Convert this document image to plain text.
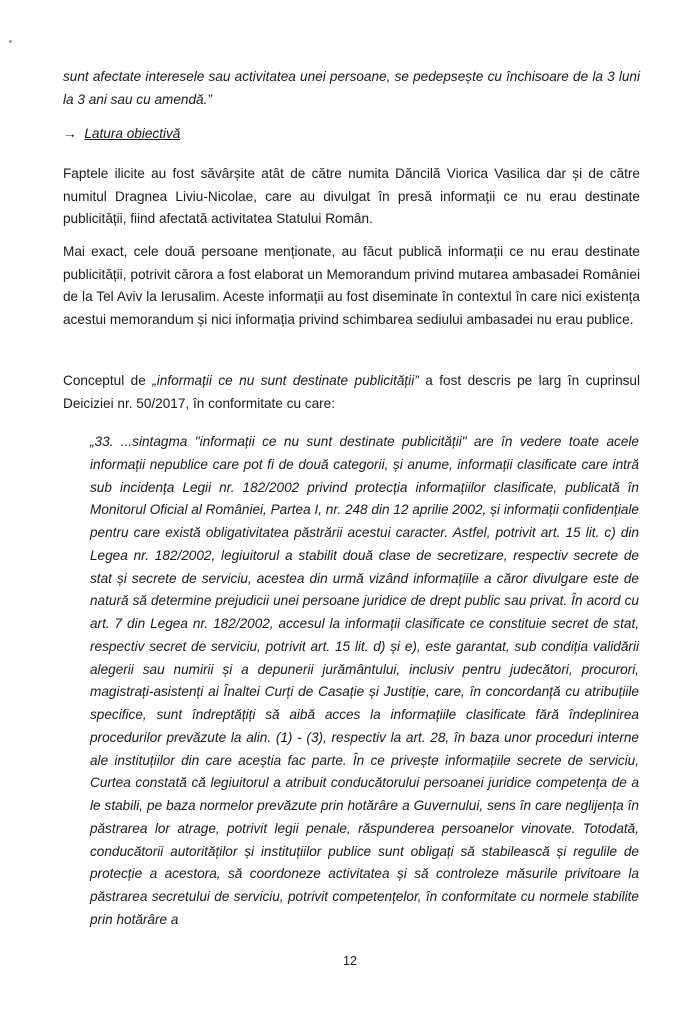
sunt afectate interesele sau activitatea unei persoane, se pedepsește cu închisoare de la 3 luni la 3 ani sau cu amendă.”

→ Latura obiectivă

Faptele ilicite au fost săvârșite atât de către numita Dăncilă Viorica Vasilica dar și de către numitul Dragnea Liviu-Nicolae, care au divulgat în presă informații ce nu erau destinate publicității, fiind afectată activitatea Statului Român.

Mai exact, cele două persoane menționate, au făcut publică informații ce nu erau destinate publicității, potrivit cărora a fost elaborat un Memorandum privind mutarea ambasadei României de la Tel Aviv la Ierusalim. Aceste informații au fost diseminate în contextul în care nici existența acestui memorandum și nici informația privind schimbarea sediului ambasadei nu erau publice.

Conceptul de „informații ce nu sunt destinate publicității” a fost descris pe larg în cuprinsul Deiciziei nr. 50/2017, în conformitate cu care:

„33. ...sintagma "informații ce nu sunt destinate publicității" are în vedere toate acele informații nepublice care pot fi de două categorii, și anume, informații clasificate care intră sub incidența Legii nr. 182/2002 privind protecția informațiilor clasificate, publicată în Monitorul Oficial al României, Partea I, nr. 248 din 12 aprilie 2002, și informații confidențiale pentru care există obligativitatea păstrării acestui caracter. Astfel, potrivit art. 15 lit. c) din Legea nr. 182/2002, legiuitorul a stabilit două clase de secretizare, respectiv secrete de stat și secrete de serviciu, acestea din urmă vizând informațiile a căror divulgare este de natură să determine prejudicii unei persoane juridice de drept public sau privat. În acord cu art. 7 din Legea nr. 182/2002, accesul la informații clasificate ce constituie secret de stat, respectiv secret de serviciu, potrivit art. 15 lit. d) și e), este garantat, sub condiția validării alegerii sau numirii și a depunerii jurământului, inclusiv pentru judecători, procurori, magistrați-asistenți ai Înaltei Curți de Casație și Justiție, care, în concordanță cu atribuțiile specifice, sunt îndreptățiți să aibă acces la informațiile clasificate fără îndeplinirea procedurilor prevăzute la alin. (1) - (3), respectiv la art. 28, în baza unor proceduri interne ale instituțiilor din care aceștia fac parte. În ce privește informațiile secrete de serviciu, Curtea constată că legiuitorul a atribuit conducătorului persoanei juridice competența de a le stabili, pe baza normelor prevăzute prin hotărâre a Guvernului, sens în care neglijența în păstrarea lor atrage, potrivit legii penale, răspunderea persoanelor vinovate. Totodată, conducătorii autorităților și instituțiilor publice sunt obligați să stabilească și regulile de protecție a acestora, să coordoneze activitatea și să controleze măsurile privitoare la păstrarea secretului de serviciu, potrivit competențelor, în conformitate cu normele stabilite prin hotărâre a

12
